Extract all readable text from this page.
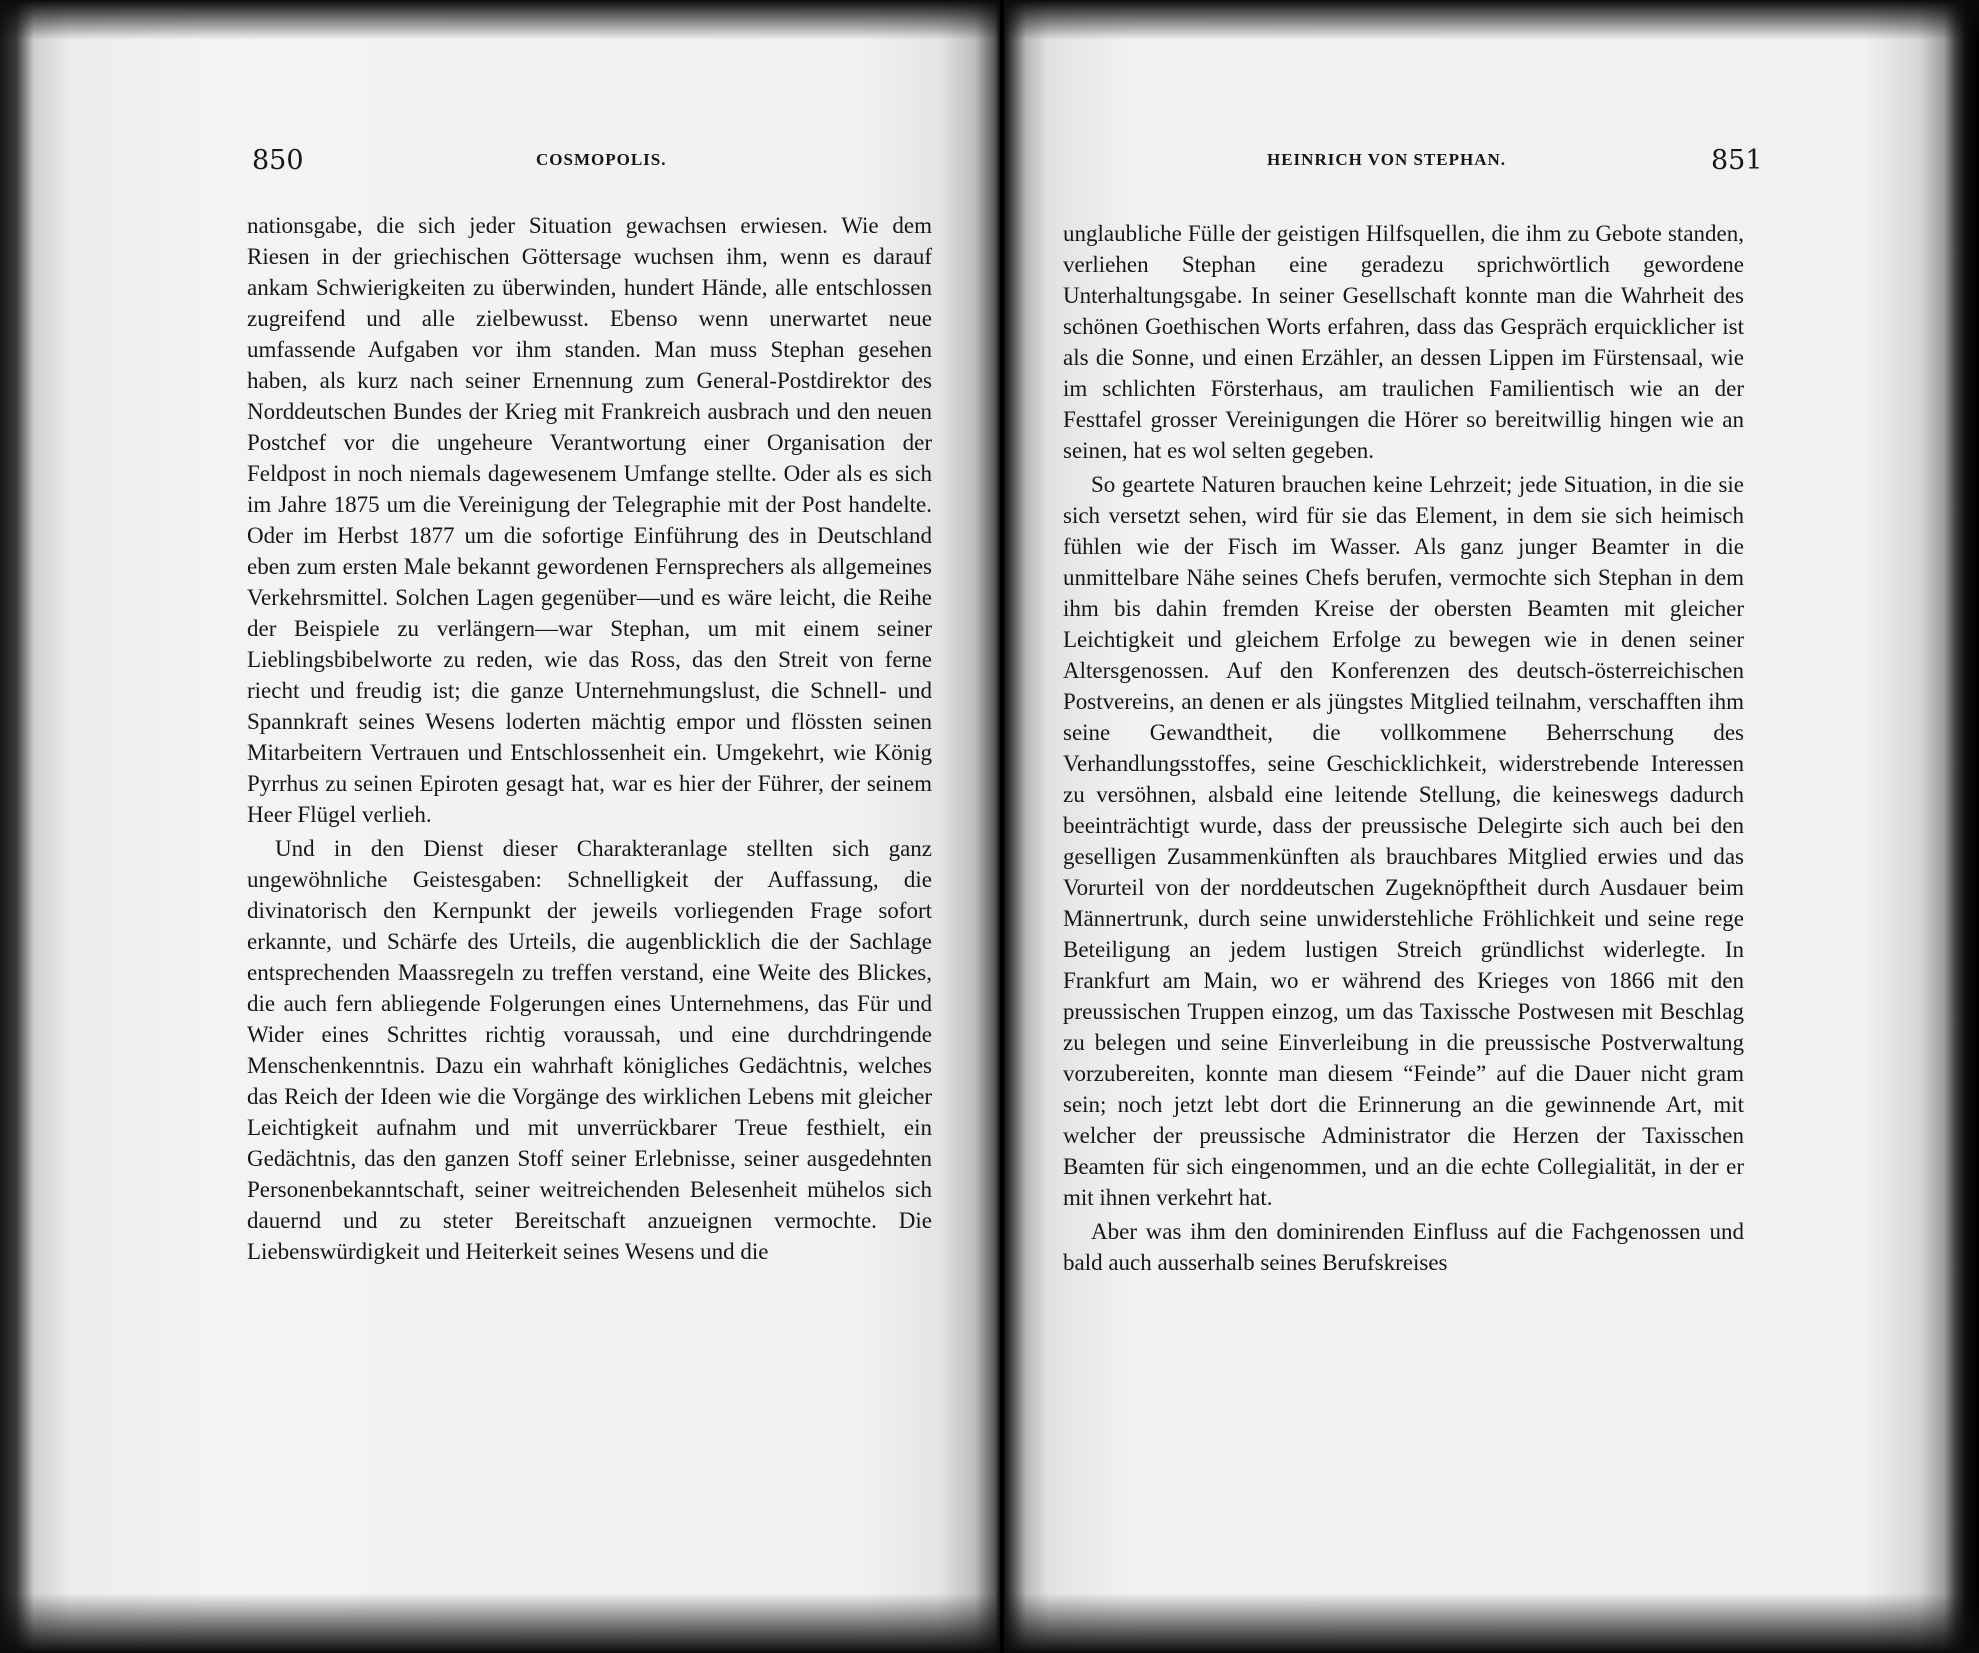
850	COSMOPOLIS.

nationsgabe, die sich jeder Situation gewachsen erwiesen. Wie dem Riesen in der griechischen Göttersage wuchsen ihm, wenn es darauf ankam Schwierigkeiten zu überwinden, hundert Hände, alle entschlossen zugreifend und alle zielbewusst. Ebenso wenn unerwartet neue umfassende Aufgaben vor ihm standen. Man muss Stephan gesehen haben, als kurz nach seiner Ernennung zum General-Postdirektor des Norddeutschen Bundes der Krieg mit Frankreich ausbrach und den neuen Postchef vor die ungeheure Verantwortung einer Organisation der Feldpost in noch niemals dagewesenem Umfange stellte. Oder als es sich im Jahre 1875 um die Vereinigung der Telegraphie mit der Post handelte. Oder im Herbst 1877 um die sofortige Einführung des in Deutschland eben zum ersten Male bekannt gewordenen Fernsprechers als allgemeines Verkehrsmittel. Solchen Lagen gegenüber—und es wäre leicht, die Reihe der Beispiele zu verlängern—war Stephan, um mit einem seiner Lieblingsbibelworte zu reden, wie das Ross, das den Streit von ferne riecht und freudig ist; die ganze Unternehmungslust, die Schnell- und Spannkraft seines Wesens loderten mächtig empor und flössten seinen Mitarbeitern Vertrauen und Entschlossenheit ein. Umgekehrt, wie König Pyrrhus zu seinen Epiroten gesagt hat, war es hier der Führer, der seinem Heer Flügel verlieh.

Und in den Dienst dieser Charakteranlage stellten sich ganz ungewöhnliche Geistesgaben: Schnelligkeit der Auffassung, die divinatorisch den Kernpunkt der jeweils vorliegenden Frage sofort erkannte, und Schärfe des Urteils, die augenblicklich die der Sachlage entsprechenden Maassregeln zu treffen verstand, eine Weite des Blickes, die auch fern abliegende Folgerungen eines Unternehmens, das Für und Wider eines Schrittes richtig voraussah, und eine durchdringende Menschenkenntnis. Dazu ein wahrhaft königliches Gedächtnis, welches das Reich der Ideen wie die Vorgänge des wirklichen Lebens mit gleicher Leichtigkeit aufnahm und mit unverrückbarer Treue festhielt, ein Gedächtnis, das den ganzen Stoff seiner Erlebnisse, seiner ausgedehnten Personenbekanntschaft, seiner weitreichenden Belesenheit mühelos sich dauernd und zu steter Bereitschaft anzueignen vermochte. Die Liebenswürdigkeit und Heiterkeit seines Wesens und die

HEINRICH VON STEPHAN.	851

unglaubliche Fülle der geistigen Hilfsquellen, die ihm zu Gebote standen, verliehen Stephan eine geradezu sprichwörtlich gewordene Unterhaltungsgabe. In seiner Gesellschaft konnte man die Wahrheit des schönen Goethischen Worts erfahren, dass das Gespräch erquicklicher ist als die Sonne, und einen Erzähler, an dessen Lippen im Fürstensaal, wie im schlichten Försterhaus, am traulichen Familientisch wie an der Festtafel grosser Vereinigungen die Hörer so bereitwillig hingen wie an seinen, hat es wol selten gegeben.

So geartete Naturen brauchen keine Lehrzeit; jede Situation, in die sie sich versetzt sehen, wird für sie das Element, in dem sie sich heimisch fühlen wie der Fisch im Wasser. Als ganz junger Beamter in die unmittelbare Nähe seines Chefs berufen, vermochte sich Stephan in dem ihm bis dahin fremden Kreise der obersten Beamten mit gleicher Leichtigkeit und gleichem Erfolge zu bewegen wie in denen seiner Altersgenossen. Auf den Konferenzen des deutsch-österreichischen Postvereins, an denen er als jüngstes Mitglied teilnahm, verschafften ihm seine Gewandtheit, die vollkommene Beherrschung des Verhandlungsstoffes, seine Geschicklichkeit, widerstrebende Interessen zu versöhnen, alsbald eine leitende Stellung, die keineswegs dadurch beeinträchtigt wurde, dass der preussische Delegirte sich auch bei den geselligen Zusammenkünften als brauchbares Mitglied erwies und das Vorurteil von der norddeutschen Zugeknöpftheit durch Ausdauer beim Männertrunk, durch seine unwiderstehliche Fröhlichkeit und seine rege Beteiligung an jedem lustigen Streich gründlichst widerlegte. In Frankfurt am Main, wo er während des Krieges von 1866 mit den preussischen Truppen einzog, um das Taxissche Postwesen mit Beschlag zu belegen und seine Einverleibung in die preussische Postverwaltung vorzubereiten, konnte man diesem “Feinde” auf die Dauer nicht gram sein; noch jetzt lebt dort die Erinnerung an die gewinnende Art, mit welcher der preussische Administrator die Herzen der Taxisschen Beamten für sich eingenommen, und an die echte Collegialität, in der er mit ihnen verkehrt hat.

Aber was ihm den dominirenden Einfluss auf die Fachgenossen und bald auch ausserhalb seines Berufskreises
